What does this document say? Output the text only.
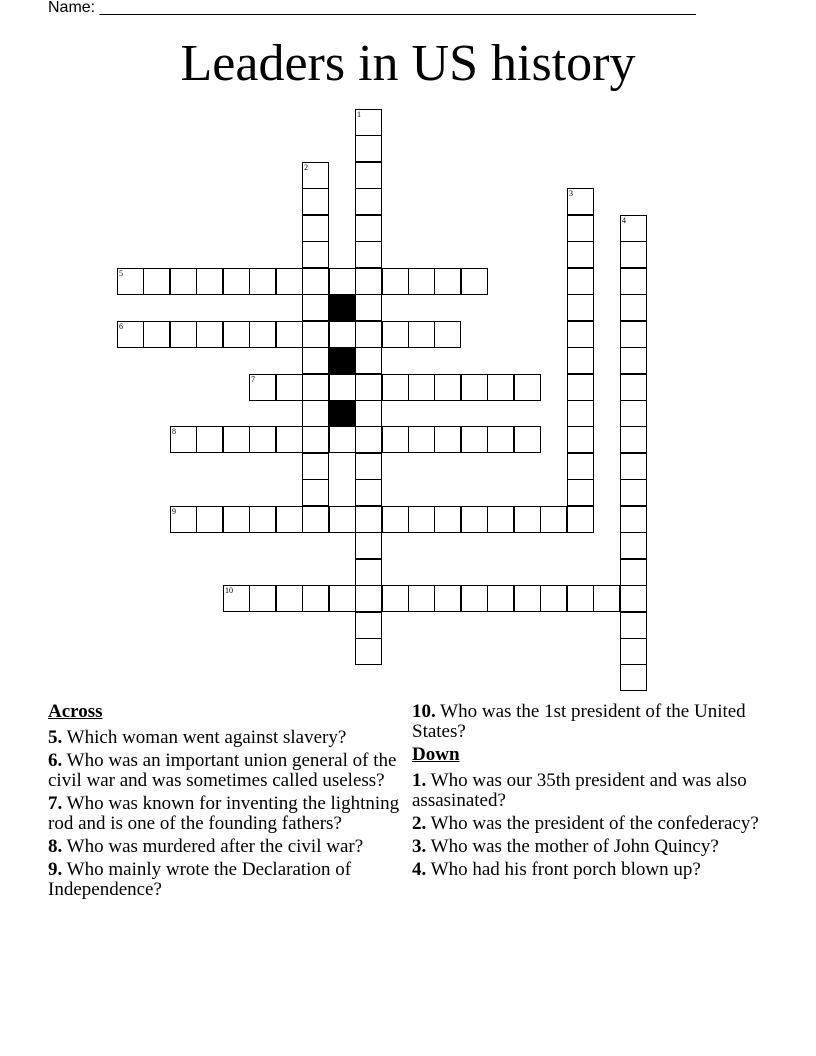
Name: ___________________________________________________________________
Leaders in US history
1
2
3
4
5
6
7
8
9
10
Across
5. Which woman went against slavery?
6. Who was an important union general of the civil war and was sometimes called useless?
7. Who was known for inventing the lightning rod and is one of the founding fathers?
8. Who was murdered after the civil war?
9. Who mainly wrote the Declaration of Independence?
10. Who was the 1st president of the United States?
Down
1. Who was our 35th president and was also assasinated?
2. Who was the president of the confederacy?
3. Who was the mother of John Quincy?
4. Who had his front porch blown up?
